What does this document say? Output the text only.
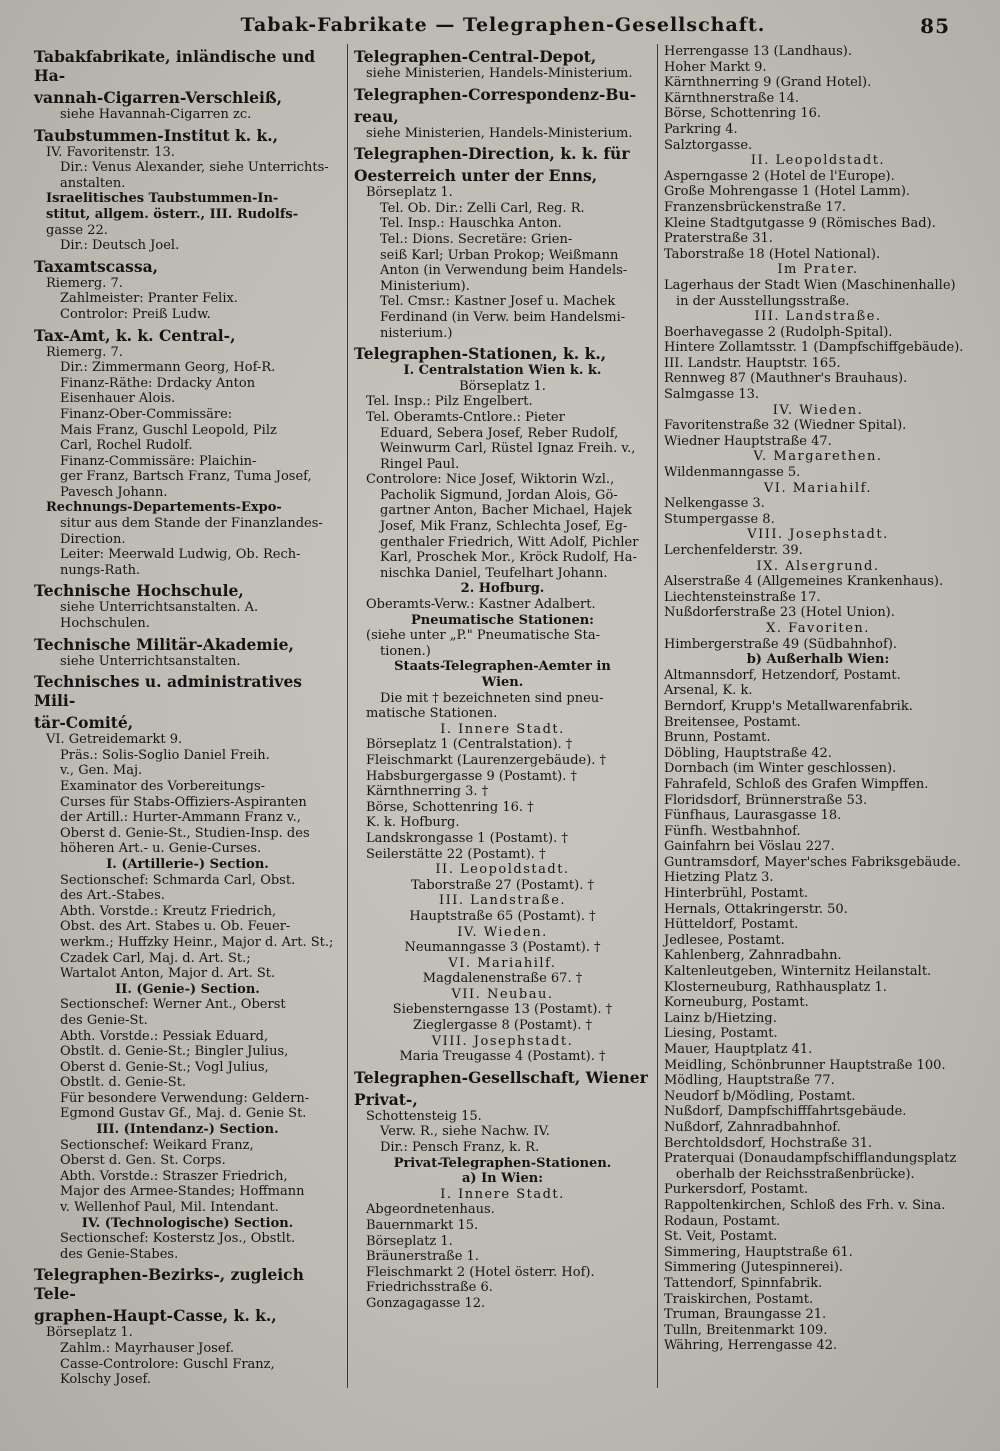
Tabak-Fabrikate — Telegraphen-Gesellschaft.	85
Tabakfabrikate, inländische und Ha-
vannah-Cigarren-Verschleiß,
siehe Havannah-Cigarren zc.
Taubstummen-Institut k. k.,
IV. Favoritenstr. 13.
Dir.: Venus Alexander, siehe Unterrichts-
anstalten.
Israelitisches Taubstummen-In-
stitut, allgem. österr., III. Rudolfs-
gasse 22.
Dir.: Deutsch Joel.
Taxamtscassa,
Riemerg. 7.
Zahlmeister: Pranter Felix.
Controlor: Preiß Ludw.
Tax-Amt, k. k. Central-,
Riemerg. 7.
Dir.: Zimmermann Georg, Hof-R.
Finanz-Räthe: Drdacky Anton
Eisenhauer Alois.
Finanz-Ober-Commissäre:
Mais Franz, Guschl Leopold, Pilz
Carl, Rochel Rudolf.
Finanz-Commissäre: Plaichin-
ger Franz, Bartsch Franz, Tuma Josef,
Pavesch Johann.
Rechnungs-Departements-Expo-
situr aus dem Stande der Finanzlandes-
Direction.
Leiter: Meerwald Ludwig, Ob. Rech-
nungs-Rath.
Technische Hochschule,
siehe Unterrichtsanstalten. A. Hochschulen.
Technische Militär-Akademie,
siehe Unterrichtsanstalten.
Technisches u. administratives Mili-
tär-Comité,
VI. Getreidemarkt 9.
Präs.: Solis-Soglio Daniel Freih.
v., Gen. Maj.
Examinator des Vorbereitungs-
Curses für Stabs-Offiziers-Aspiranten
der Artill.: Hurter-Ammann Franz v.,
Oberst d. Genie-St., Studien-Insp. des
höheren Art.- u. Genie-Curses.
I. (Artillerie-) Section.
Sectionschef: Schmarda Carl, Obst.
des Art.-Stabes.
Abth. Vorstde.: Kreutz Friedrich,
Obst. des Art. Stabes u. Ob. Feuer-
werkm.; Huffzky Heinr., Major d. Art. St.;
Czadek Carl, Maj. d. Art. St.;
Wartalot Anton, Major d. Art. St.
II. (Genie-) Section.
Sectionschef: Werner Ant., Oberst
des Genie-St.
Abth. Vorstde.: Pessiak Eduard,
Obstlt. d. Genie-St.; Bingler Julius,
Oberst d. Genie-St.; Vogl Julius,
Obstlt. d. Genie-St.
Für besondere Verwendung: Geldern-
Egmond Gustav Gf., Maj. d. Genie St.
III. (Intendanz-) Section.
Sectionschef: Weikard Franz,
Oberst d. Gen. St. Corps.
Abth. Vorstde.: Straszer Friedrich,
Major des Armee-Standes; Hoffmann
v. Wellenhof Paul, Mil. Intendant.
IV. (Technologische) Section.
Sectionschef: Kosterstz Jos., Obstlt.
des Genie-Stabes.
Telegraphen-Bezirks-, zugleich Tele-
graphen-Haupt-Casse, k. k.,
Börseplatz 1.
Zahlm.: Mayrhauser Josef.
Casse-Controlore: Guschl Franz,
Kolschy Josef.
Telegraphen-Central-Depot,
siehe Ministerien, Handels-Ministerium.
Telegraphen-Correspondenz-Bu-
reau,
siehe Ministerien, Handels-Ministerium.
Telegraphen-Direction, k. k. für
Oesterreich unter der Enns,
Börseplatz 1.
Tel. Ob. Dir.: Zelli Carl, Reg. R.
Tel. Insp.: Hauschka Anton.
Tel.: Dions. Secretäre: Grien-
seiß Karl; Urban Prokop; Weißmann
Anton (in Verwendung beim Handels-
Ministerium).
Tel. Cmsr.: Kastner Josef u. Machek
Ferdinand (in Verw. beim Handelsmi-
nisterium.)
Telegraphen-Stationen, k. k.,
I. Centralstation Wien k. k.
Börseplatz 1.
Tel. Insp.: Pilz Engelbert.
Tel. Oberamts-Cntlore.: Pieter
Eduard, Sebera Josef, Reber Rudolf,
Weinwurm Carl, Rüstel Ignaz Freih. v.,
Ringel Paul.
Controlore: Nice Josef, Wiktorin Wzl.,
Pacholik Sigmund, Jordan Alois, Gö-
gartner Anton, Bacher Michael, Hajek
Josef, Mik Franz, Schlechta Josef, Eg-
genthaler Friedrich, Witt Adolf, Pichler
Karl, Proschek Mor., Kröck Rudolf, Ha-
nischka Daniel, Teufelhart Johann.
2. Hofburg.
Oberamts-Verw.: Kastner Adalbert.
Pneumatische Stationen:
(siehe unter „P." Pneumatische Sta-
tionen.)
Staats-Telegraphen-Aemter in
Wien.
Die mit † bezeichneten sind pneu-
matische Stationen.
I. Innere Stadt.
Börseplatz 1 (Centralstation). †
Fleischmarkt (Laurenzergebäude). †
Habsburgergasse 9 (Postamt). †
Kärnthnerring 3. †
Börse, Schottenring 16. †
K. k. Hofburg.
Landskrongasse 1 (Postamt). †
Seilerstätte 22 (Postamt). †
II. Leopoldstadt.
Taborstraße 27 (Postamt). †
III. Landstraße.
Hauptstraße 65 (Postamt). †
IV. Wieden.
Neumanngasse 3 (Postamt). †
VI. Mariahilf.
Magdalenenstraße 67. †
VII. Neubau.
Siebensterngasse 13 (Postamt). †
Zieglergasse 8 (Postamt). †
VIII. Josephstadt.
Maria Treugasse 4 (Postamt). †
Telegraphen-Gesellschaft, Wiener
Privat-,
Schottensteig 15.
Verw. R., siehe Nachw. IV.
Dir.: Pensch Franz, k. R.
Privat-Telegraphen-Stationen.
a) In Wien:
I. Innere Stadt.
Abgeordnetenhaus.
Bauernmarkt 15.
Börseplatz 1.
Bräunerstraße 1.
Fleischmarkt 2 (Hotel österr. Hof).
Friedrichsstraße 6.
Gonzagagasse 12.
Herrengasse 13 (Landhaus).
Hoher Markt 9.
Kärnthnerring 9 (Grand Hotel).
Kärnthnerstraße 14.
Börse, Schottenring 16.
Parkring 4.
Salztorgasse.
II. Leopoldstadt.
Asperngasse 2 (Hotel de l'Europe).
Große Mohrengasse 1 (Hotel Lamm).
Franzensbrückenstraße 17.
Kleine Stadtgutgasse 9 (Römisches Bad).
Praterstraße 31.
Taborstraße 18 (Hotel National).
Im Prater.
Lagerhaus der Stadt Wien (Maschinenhalle)
in der Ausstellungsstraße.
III. Landstraße.
Boerhavegasse 2 (Rudolph-Spital).
Hintere Zollamtsstr. 1 (Dampfschiffgebäude).
III. Landstr. Hauptstr. 165.
Rennweg 87 (Mauthner's Brauhaus).
Salmgasse 13.
IV. Wieden.
Favoritenstraße 32 (Wiedner Spital).
Wiedner Hauptstraße 47.
V. Margarethen.
Wildenmanngasse 5.
VI. Mariahilf.
Nelkengasse 3.
Stumpergasse 8.
VIII. Josephstadt.
Lerchenfelderstr. 39.
IX. Alsergrund.
Alserstraße 4 (Allgemeines Krankenhaus).
Liechtensteinstraße 17.
Nußdorferstraße 23 (Hotel Union).
X. Favoriten.
Himbergerstraße 49 (Südbahnhof).
b) Außerhalb Wien:
Altmannsdorf, Hetzendorf, Postamt.
Arsenal, K. k.
Berndorf, Krupp's Metallwarenfabrik.
Breitensee, Postamt.
Brunn, Postamt.
Döbling, Hauptstraße 42.
Dornbach (im Winter geschlossen).
Fahrafeld, Schloß des Grafen Wimpffen.
Floridsdorf, Brünnerstraße 53.
Fünfhaus, Laurasgasse 18.
Fünfh. Westbahnhof.
Gainfahrn bei Vöslau 227.
Guntramsdorf, Mayer'sches Fabriksgebäude.
Hietzing Platz 3.
Hinterbrühl, Postamt.
Hernals, Ottakringerstr. 50.
Hütteldorf, Postamt.
Jedlesee, Postamt.
Kahlenberg, Zahnradbahn.
Kaltenleutgeben, Winternitz Heilanstalt.
Klosterneuburg, Rathhausplatz 1.
Korneuburg, Postamt.
Lainz b/Hietzing.
Liesing, Postamt.
Mauer, Hauptplatz 41.
Meidling, Schönbrunner Hauptstraße 100.
Mödling, Hauptstraße 77.
Neudorf b/Mödling, Postamt.
Nußdorf, Dampfschifffahrtsgebäude.
Nußdorf, Zahnradbahnhof.
Berchtoldsdorf, Hochstraße 31.
Praterquai (Donaudampfschifflandungsplatz
oberhalb der Reichsstraßenbrücke).
Purkersdorf, Postamt.
Rappoltenkirchen, Schloß des Frh. v. Sina.
Rodaun, Postamt.
St. Veit, Postamt.
Simmering, Hauptstraße 61.
Simmering (Jutespinnerei).
Tattendorf, Spinnfabrik.
Traiskirchen, Postamt.
Truman, Braungasse 21.
Tulln, Breitenmarkt 109.
Währing, Herrengasse 42.
